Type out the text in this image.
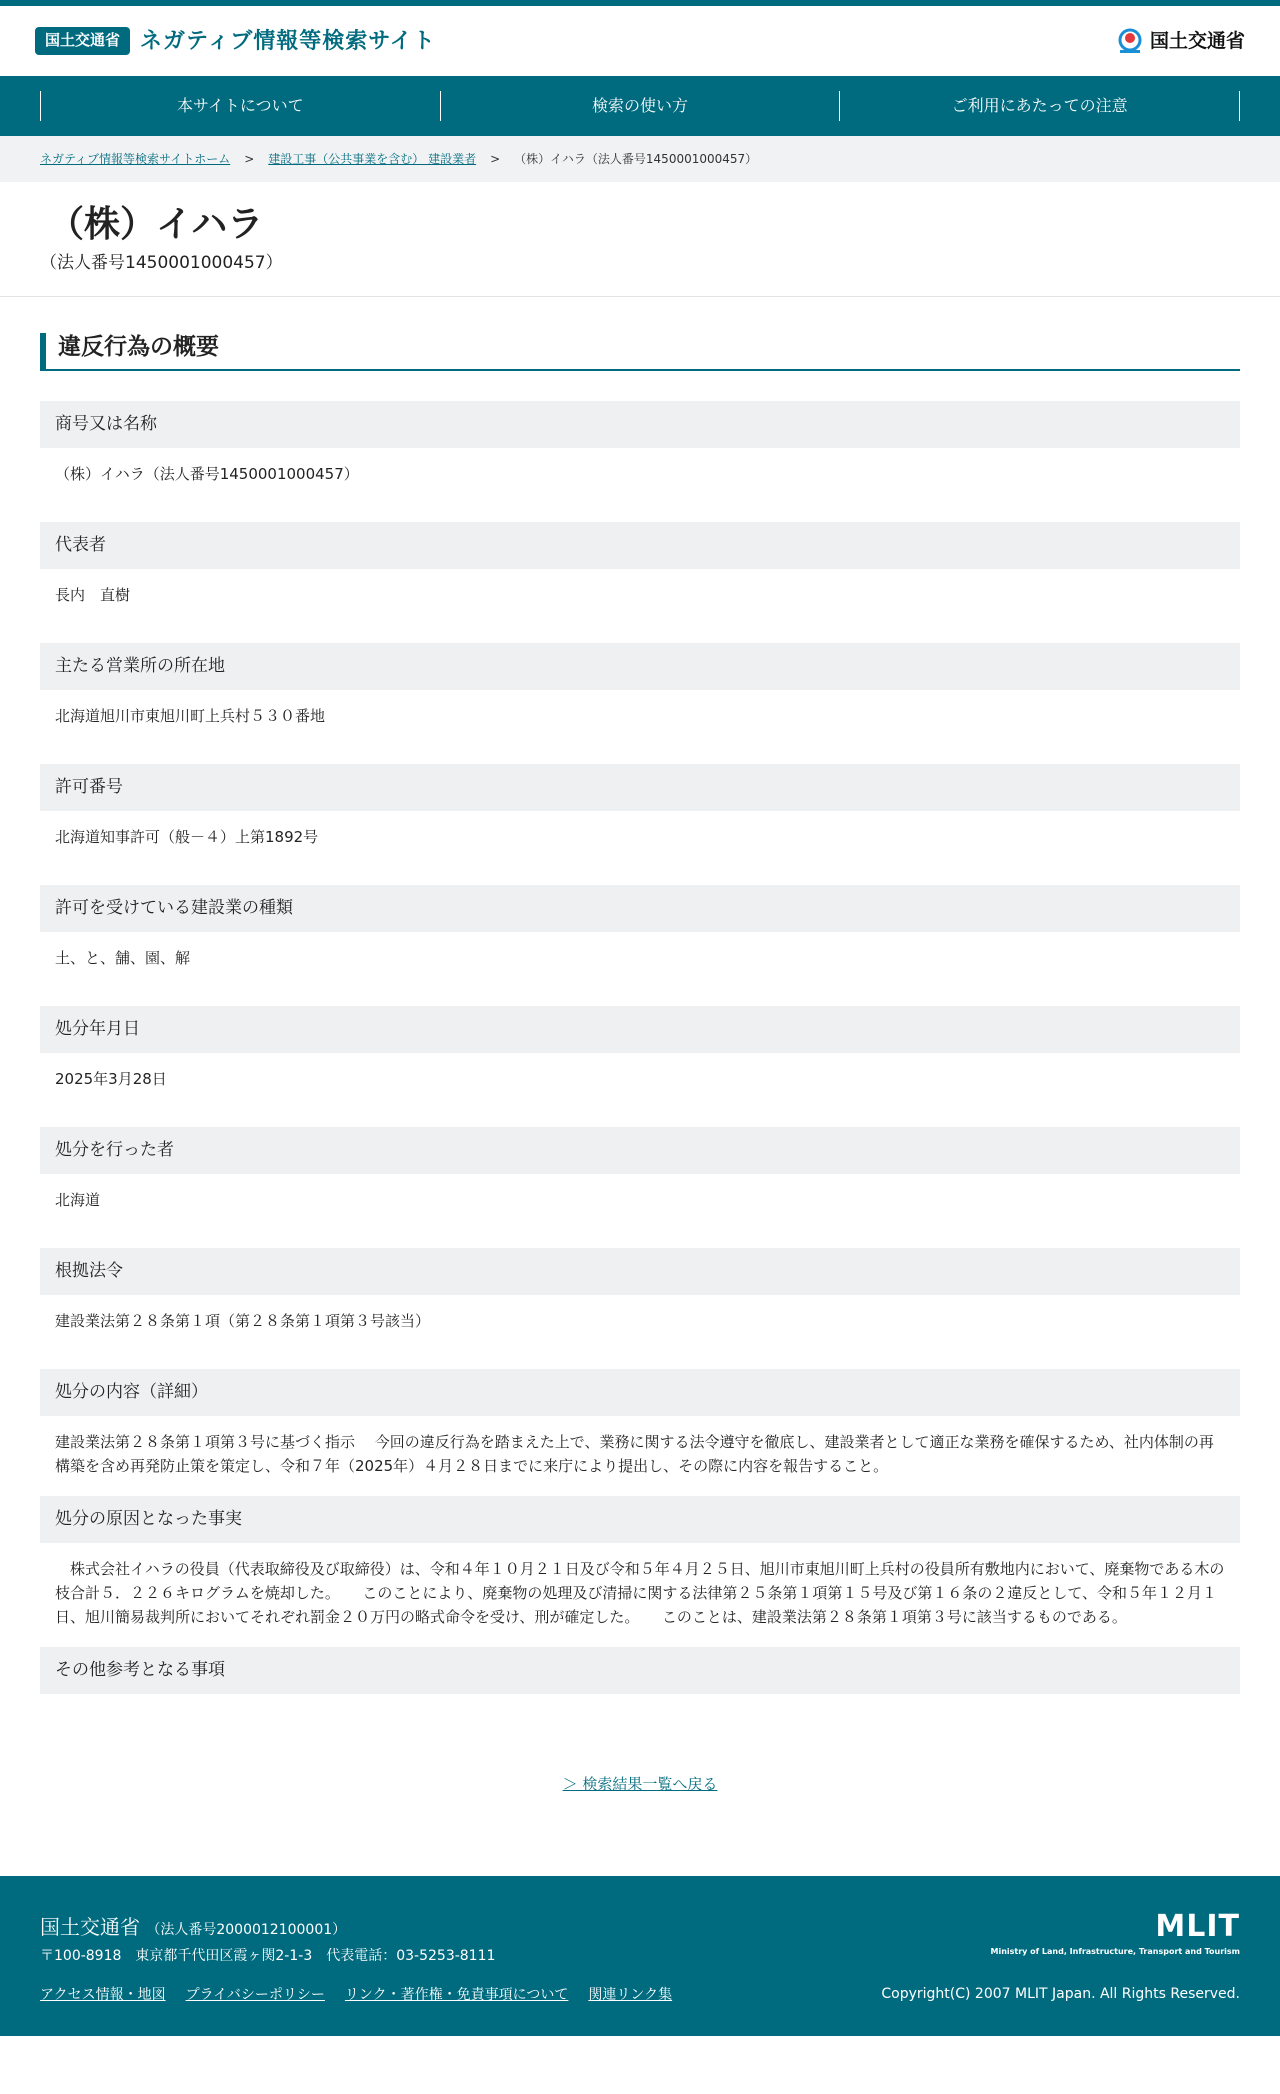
国土交通省 ネガティブ情報等検索サイト	国土交通省
本サイトについて	検索の使い方	ご利用にあたっての注意
ネガティブ情報等検索サイトホーム > 建設工事（公共事業を含む） 建設業者 > （株）イハラ（法人番号1450001000457）
（株）イハラ
（法人番号1450001000457）
違反行為の概要
商号又は名称
（株）イハラ（法人番号1450001000457）
代表者
長内　直樹
主たる営業所の所在地
北海道旭川市東旭川町上兵村５３０番地
許可番号
北海道知事許可（般－４）上第1892号
許可を受けている建設業の種類
土、と、舗、園、解
処分年月日
2025年3月28日
処分を行った者
北海道
根拠法令
建設業法第２８条第１項（第２８条第１項第３号該当）
処分の内容（詳細）
建設業法第２８条第１項第３号に基づく指示　 今回の違反行為を踏まえた上で、業務に関する法令遵守を徹底し、建設業者として適正な業務を確保するため、社内体制の再構築を含め再発防止策を策定し、令和７年（2025年）４月２８日までに来庁により提出し、その際に内容を報告すること。
処分の原因となった事実
　株式会社イハラの役員（代表取締役及び取締役）は、令和４年１０月２１日及び令和５年４月２５日、旭川市東旭川町上兵村の役員所有敷地内において、廃棄物である木の枝合計５．２２６キログラムを焼却した。　　このことにより、廃棄物の処理及び清掃に関する法律第２５条第１項第１５号及び第１６条の２違反として、令和５年１２月１日、旭川簡易裁判所においてそれぞれ罰金２０万円の略式命令を受け、刑が確定した。　　このことは、建設業法第２８条第１項第３号に該当するものである。
その他参考となる事項
＞ 検索結果一覧へ戻る
国土交通省 （法人番号2000012100001）
〒100-8918　東京都千代田区霞ヶ関2-1-3　代表電話：03-5253-8111
アクセス情報・地図 プライバシーポリシー リンク・著作権・免責事項について 関連リンク集
MLIT
Ministry of Land, Infrastructure, Transport and Tourism
Copyright(C) 2007 MLIT Japan. All Rights Reserved.
